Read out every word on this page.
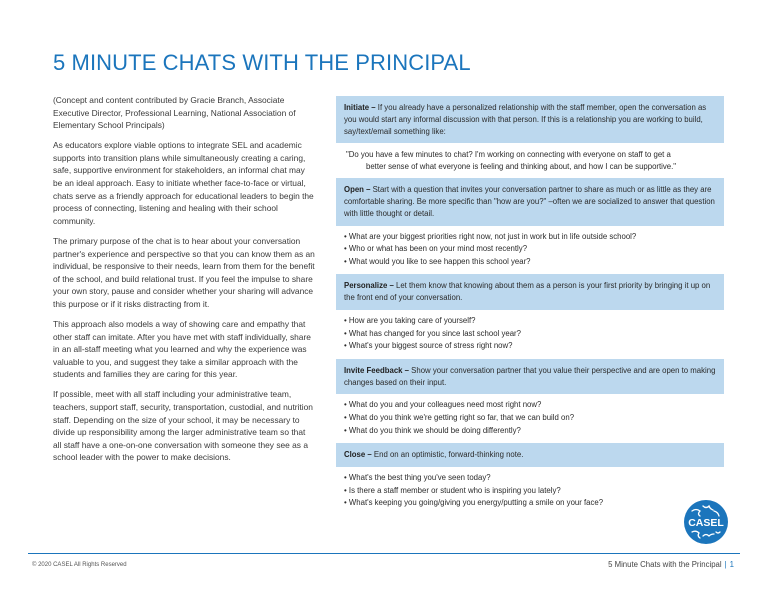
5 MINUTE CHATS WITH THE PRINCIPAL

(Concept and content contributed by Gracie Branch, Associate Executive Director, Professional Learning, National Association of Elementary School Principals)

As educators explore viable options to integrate SEL and academic supports into transition plans while simultaneously creating a caring, safe, supportive environment for stakeholders, an informal chat may be an ideal approach. Easy to initiate whether face-to-face or virtual, chats serve as a friendly approach for educational leaders to begin the process of connecting, listening and healing with their school community.

The primary purpose of the chat is to hear about your conversation partner's experience and perspective so that you can know them as an individual, be responsive to their needs, learn from them for the benefit of the school, and build relational trust. If you feel the impulse to share your own story, pause and consider whether your sharing will advance this purpose or if it risks distracting from it.

This approach also models a way of showing care and empathy that other staff can imitate. After you have met with staff individually, share in an all-staff meeting what you learned and why the experience was valuable to you, and suggest they take a similar approach with the students and families they are caring for this year.

If possible, meet with all staff including your administrative team, teachers, support staff, security, transportation, custodial, and nutrition staff. Depending on the size of your school, it may be necessary to divide up responsibility among the larger administrative team so that all staff have a one-on-one conversation with someone they see as a school leader with the power to make decisions.

Initiate – If you already have a personalized relationship with the staff member, open the conversation as you would start any informal discussion with that person. If this is a relationship you are working to build, say/text/email something like:
"Do you have a few minutes to chat? I'm working on connecting with everyone on staff to get a
better sense of what everyone is feeling and thinking about, and how I can be supportive."
Open – Start with a question that invites your conversation partner to share as much or as little as they are comfortable sharing. Be more specific than "how are you?" –often we are socialized to answer that question with little thought or detail.
• What are your biggest priorities right now, not just in work but in life outside school?
• Who or what has been on your mind most recently?
• What would you like to see happen this school year?
Personalize – Let them know that knowing about them as a person is your first priority by bringing it up on the front end of your conversation.
• How are you taking care of yourself?
• What has changed for you since last school year?
• What's your biggest source of stress right now?
Invite Feedback – Show your conversation partner that you value their perspective and are open to making changes based on their input.
• What do you and your colleagues need most right now?
• What do you think we're getting right so far, that we can build on?
• What do you think we should be doing differently?
Close – End on an optimistic, forward-thinking note.
• What's the best thing you've seen today?
• Is there a staff member or student who is inspiring you lately?
• What's keeping you going/giving you energy/putting a smile on your face?
CASEL
© 2020 CASEL All Rights Reserved	5 Minute Chats with the Principal | 1
